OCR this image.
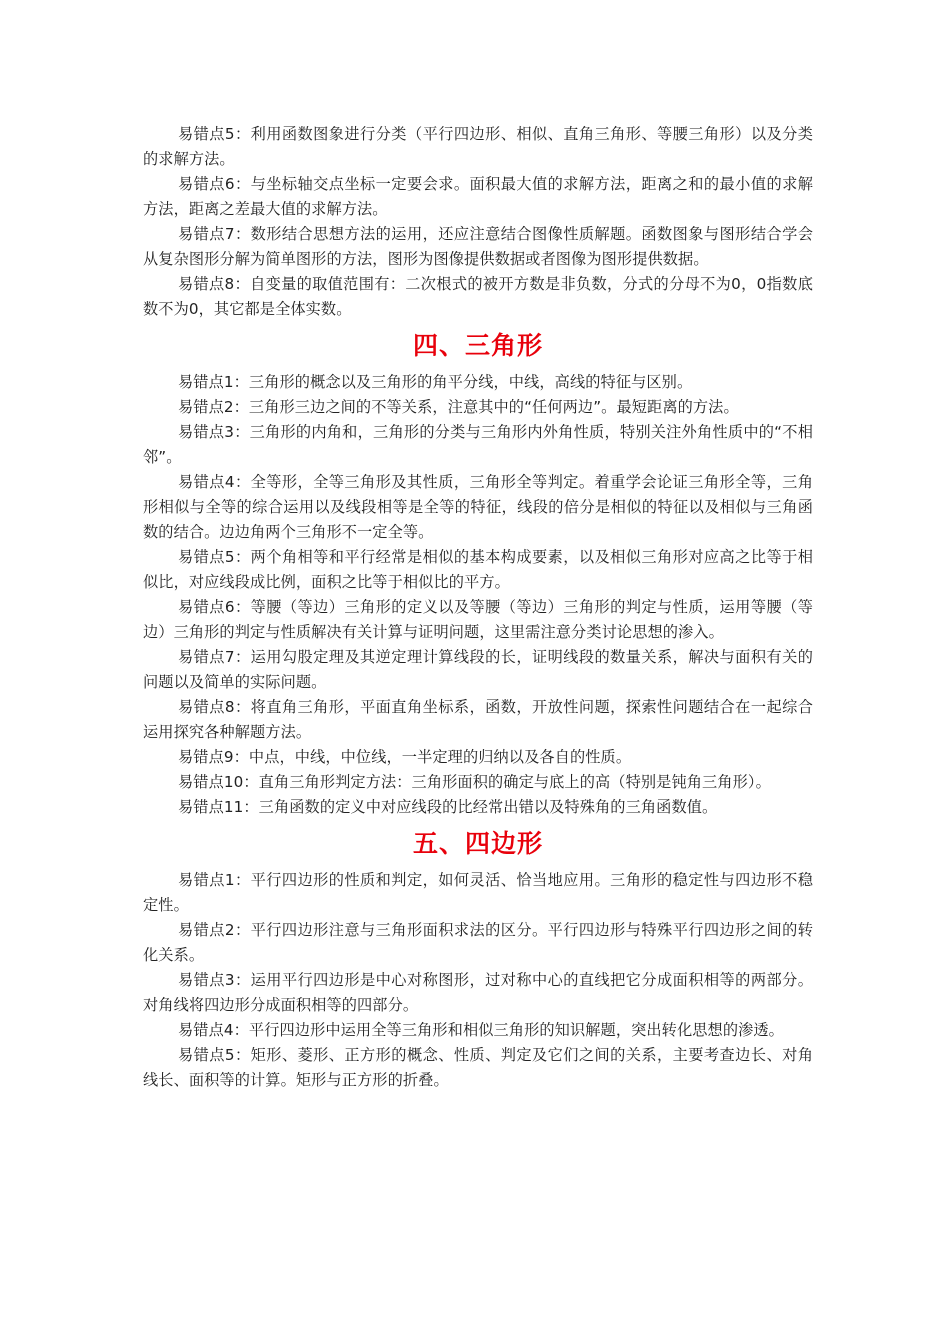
易错点5：利用函数图象进行分类（平行四边形、相似、直角三角形、等腰三角形）以及分类的求解方法。

易错点6：与坐标轴交点坐标一定要会求。面积最大值的求解方法，距离之和的最小值的求解方法，距离之差最大值的求解方法。

易错点7：数形结合思想方法的运用，还应注意结合图像性质解题。函数图象与图形结合学会从复杂图形分解为简单图形的方法，图形为图像提供数据或者图像为图形提供数据。

易错点8：自变量的取值范围有：二次根式的被开方数是非负数，分式的分母不为0，0指数底数不为0，其它都是全体实数。

四、三角形

易错点1：三角形的概念以及三角形的角平分线，中线，高线的特征与区别。

易错点2：三角形三边之间的不等关系，注意其中的“任何两边”。最短距离的方法。

易错点3：三角形的内角和，三角形的分类与三角形内外角性质，特别关注外角性质中的“不相邻”。

易错点4：全等形，全等三角形及其性质，三角形全等判定。着重学会论证三角形全等，三角形相似与全等的综合运用以及线段相等是全等的特征，线段的倍分是相似的特征以及相似与三角函数的结合。边边角两个三角形不一定全等。

易错点5：两个角相等和平行经常是相似的基本构成要素，以及相似三角形对应高之比等于相似比，对应线段成比例，面积之比等于相似比的平方。

易错点6：等腰（等边）三角形的定义以及等腰（等边）三角形的判定与性质，运用等腰（等边）三角形的判定与性质解决有关计算与证明问题，这里需注意分类讨论思想的渗入。

易错点7：运用勾股定理及其逆定理计算线段的长，证明线段的数量关系，解决与面积有关的问题以及简单的实际问题。

易错点8：将直角三角形，平面直角坐标系，函数，开放性问题，探索性问题结合在一起综合运用探究各种解题方法。

易错点9：中点，中线，中位线，一半定理的归纳以及各自的性质。

易错点10：直角三角形判定方法：三角形面积的确定与底上的高（特别是钝角三角形）。

易错点11：三角函数的定义中对应线段的比经常出错以及特殊角的三角函数值。

五、四边形

易错点1：平行四边形的性质和判定，如何灵活、恰当地应用。三角形的稳定性与四边形不稳定性。

易错点2：平行四边形注意与三角形面积求法的区分。平行四边形与特殊平行四边形之间的转化关系。

易错点3：运用平行四边形是中心对称图形，过对称中心的直线把它分成面积相等的两部分。对角线将四边形分成面积相等的四部分。

易错点4：平行四边形中运用全等三角形和相似三角形的知识解题，突出转化思想的渗透。

易错点5：矩形、菱形、正方形的概念、性质、判定及它们之间的关系，主要考查边长、对角线长、面积等的计算。矩形与正方形的折叠。
